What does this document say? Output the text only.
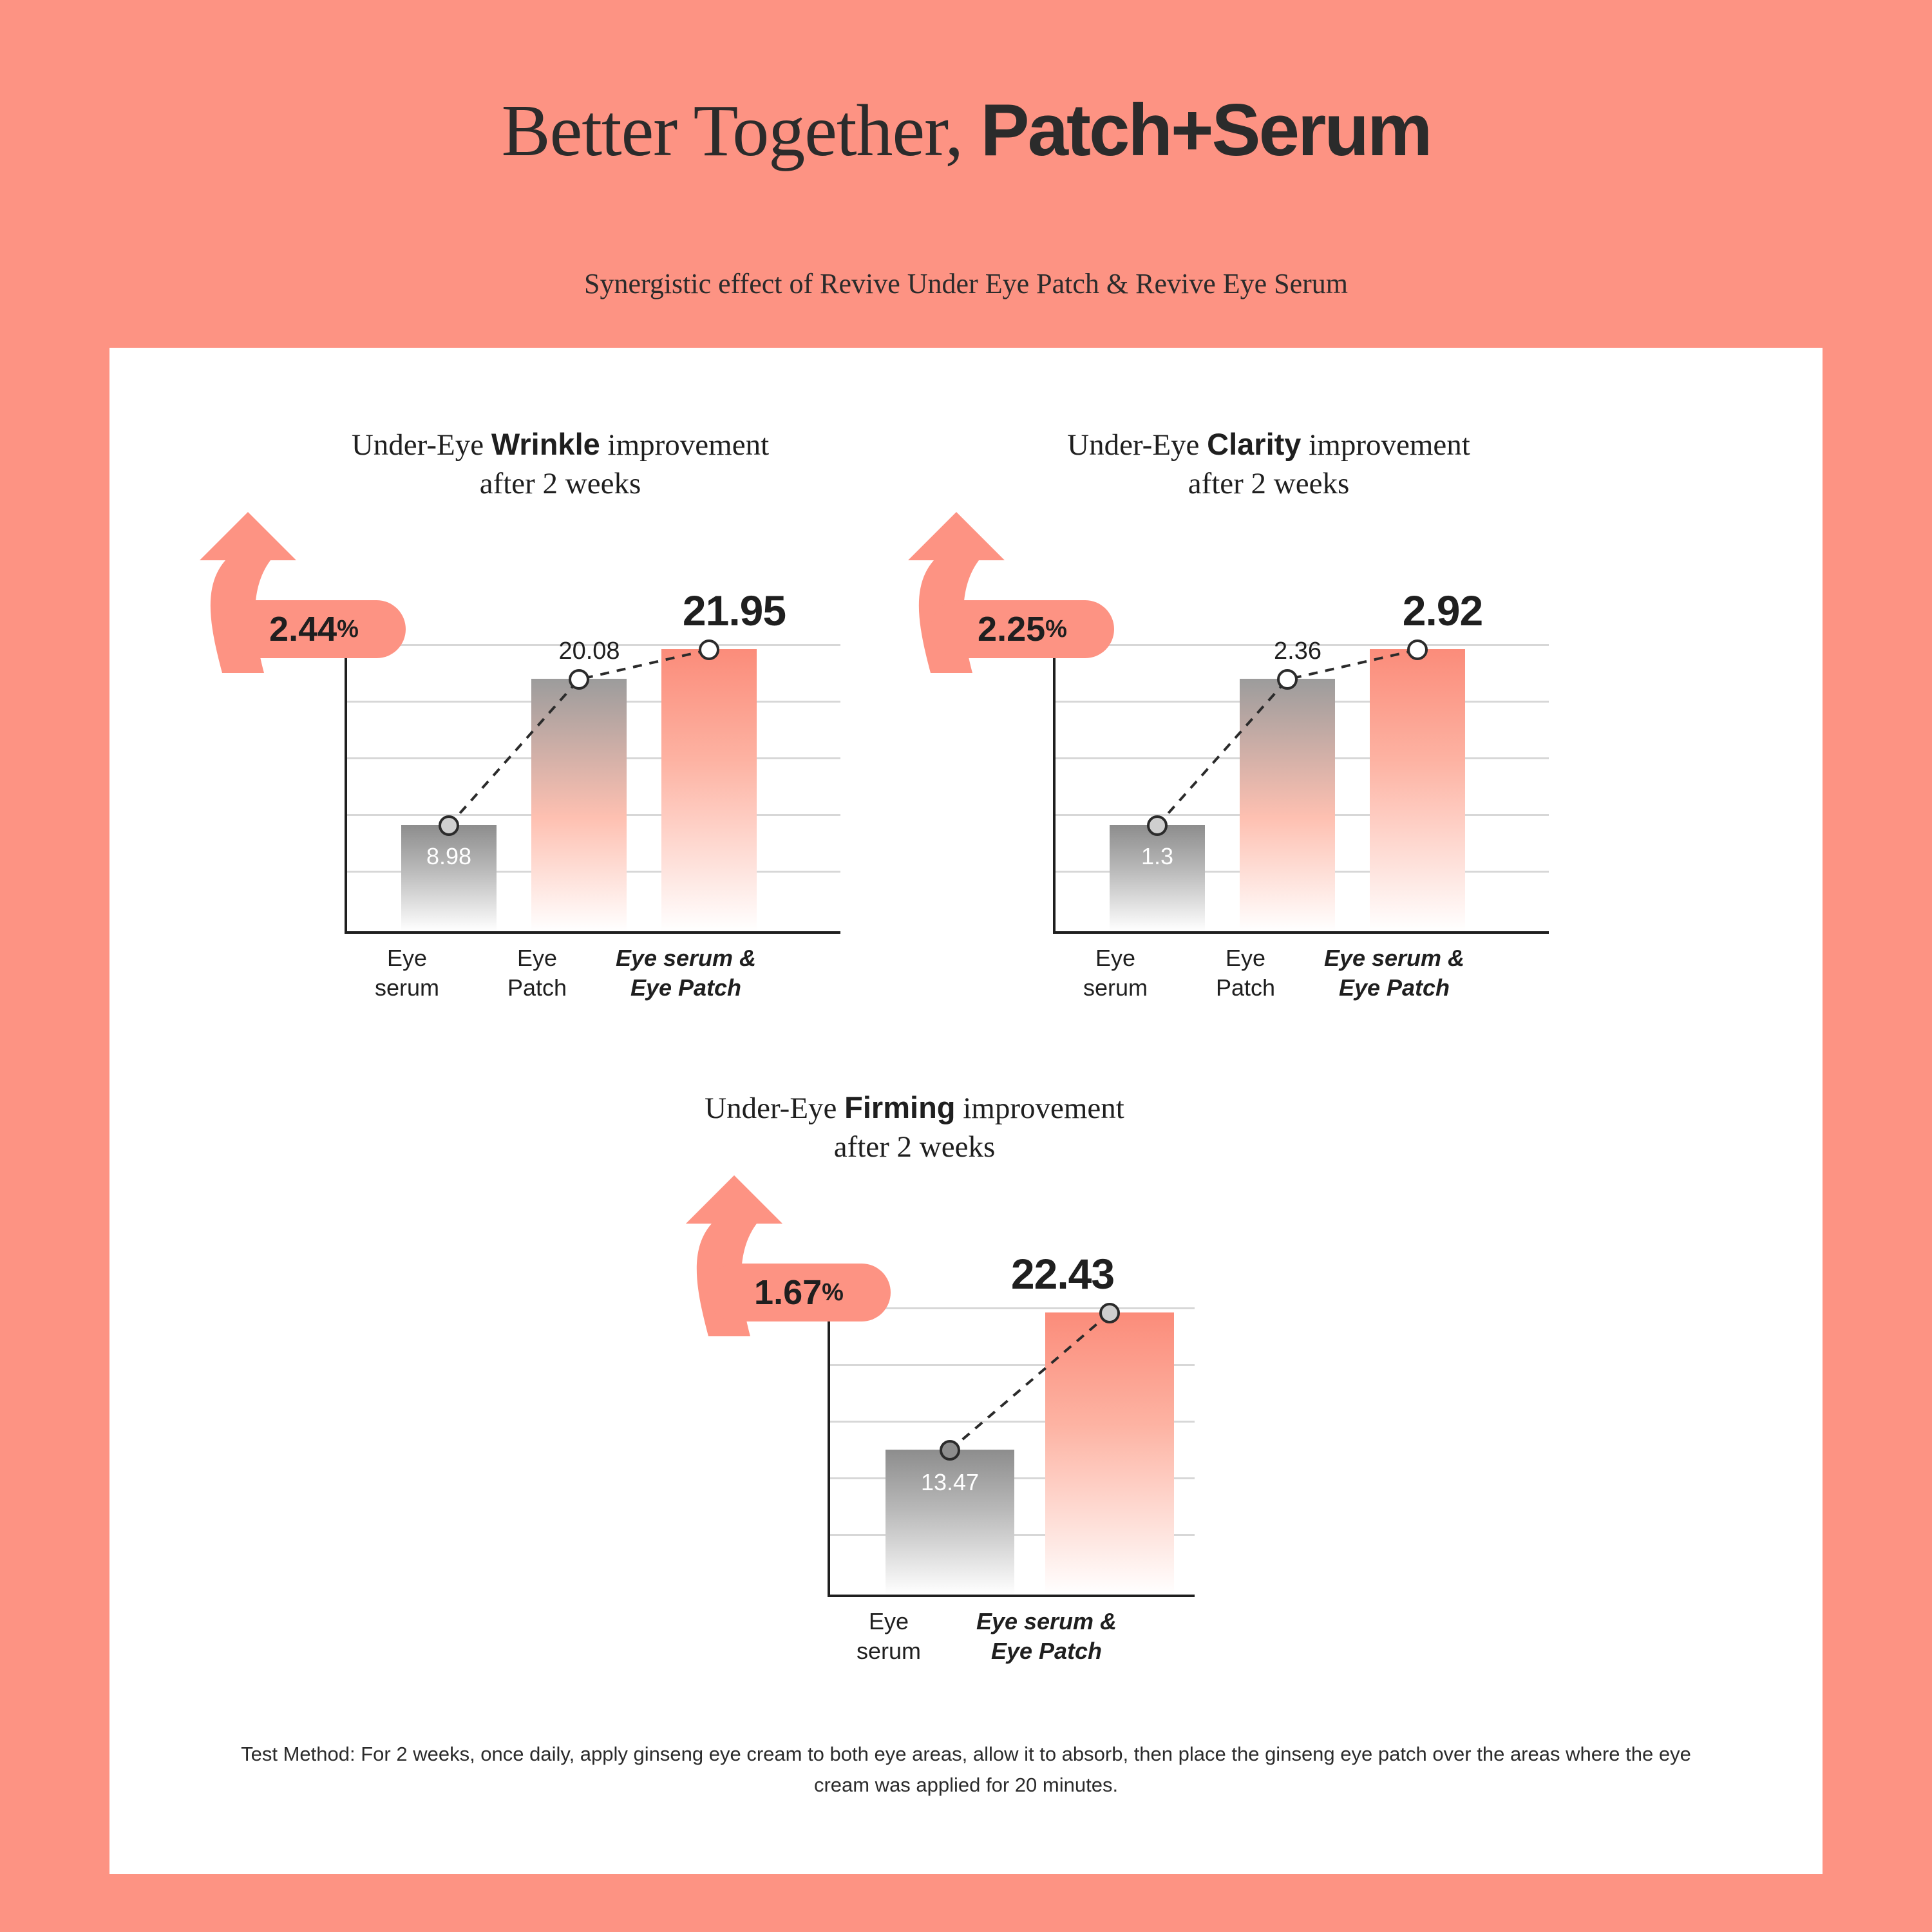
Better Together, Patch+Serum
Synergistic effect of Revive Under Eye Patch & Revive Eye Serum
Under-Eye Wrinkle improvement
after 2 weeks
8.98
20.08
21.95
2.44 %
Eye
serum
Eye
Patch
Eye serum &
Eye Patch
Under-Eye Clarity improvement
after 2 weeks
1.3
2.36
2.92
2.25 %
Eye
serum
Eye
Patch
Eye serum &
Eye Patch
Under-Eye Firming improvement
after 2 weeks
13.47
22.43
1.67 %
Eye
serum
Eye serum &
Eye Patch
Test Method: For 2 weeks, once daily, apply ginseng eye cream to both eye areas, allow it to absorb, then place the ginseng eye patch over the areas where the eye cream was applied for 20 minutes.
